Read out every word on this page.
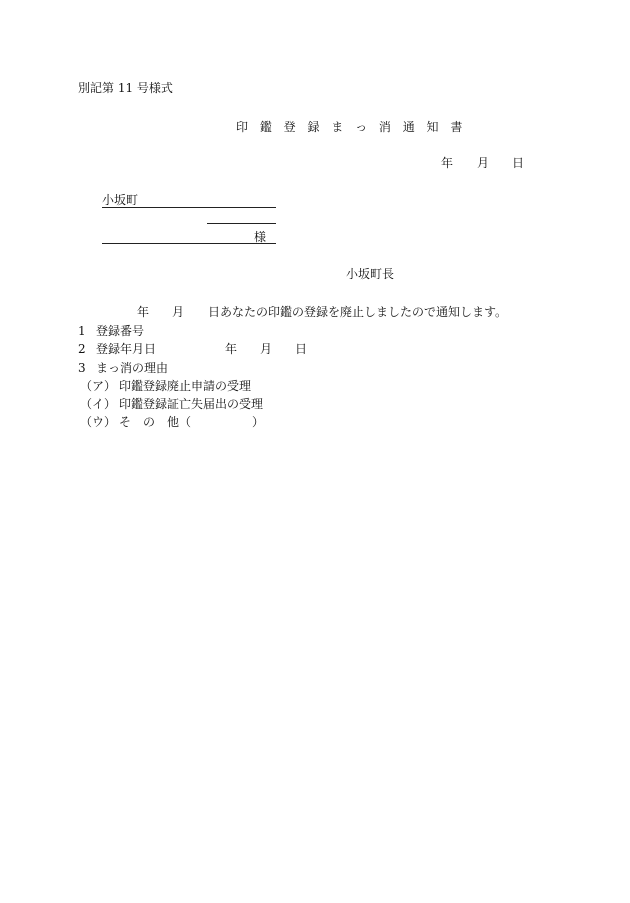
別記第 11 号様式
印 鑑 登 録 ま っ 消 通 知 書
年 月 日
小坂町
様
小坂町長
年 月 日あなたの印鑑の登録を廃止しましたので通知します。
1 登録番号
2 登録年月日	年 月 日
3 まっ消の理由
（ア） 印鑑登録廃止申請の受理
（イ） 印鑑登録証亡失届出の受理
（ウ） そ　の　他（	）
